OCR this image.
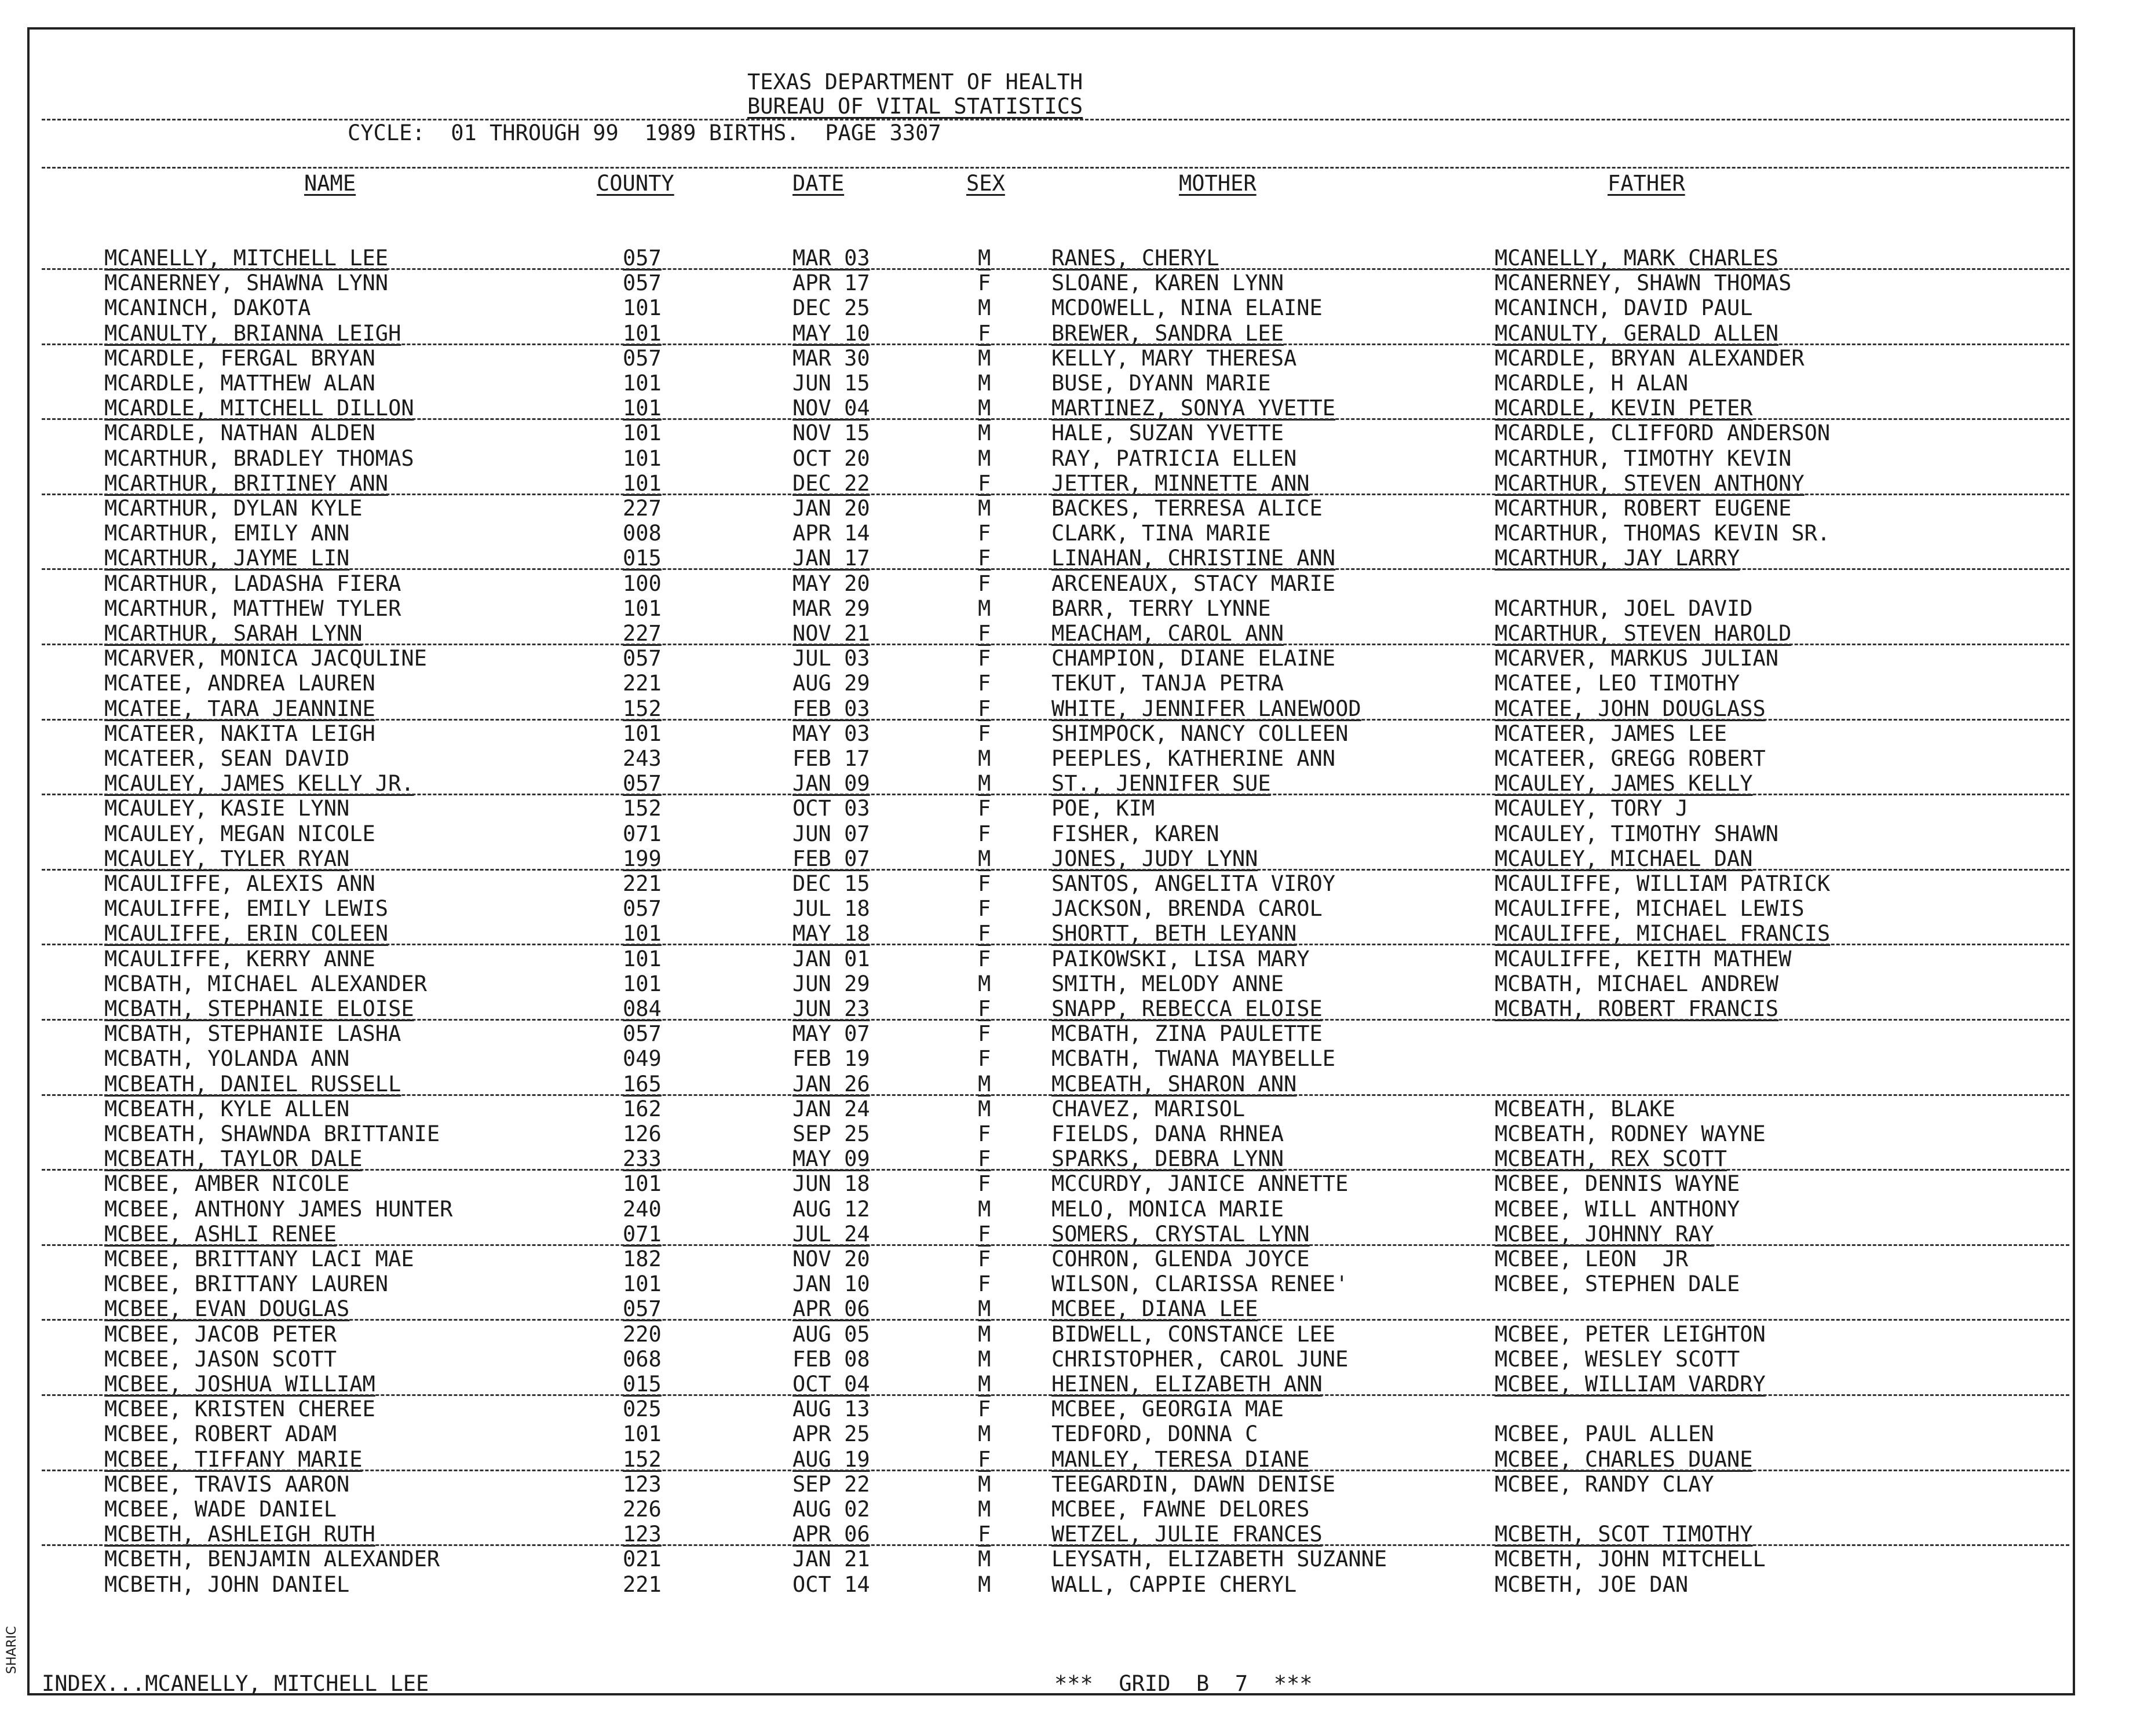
TEXAS DEPARTMENT OF HEALTH
BUREAU OF VITAL STATISTICS
CYCLE:  01 THROUGH 99  1989 BIRTHS.  PAGE 3307
NAME	COUNTY	DATE	SEX	MOTHER	FATHER
MCANELLY, MITCHELL LEE	057	MAR 03	M	RANES, CHERYL	MCANELLY, MARK CHARLES
MCANERNEY, SHAWNA LYNN	057	APR 17	F	SLOANE, KAREN LYNN	MCANERNEY, SHAWN THOMAS
MCANINCH, DAKOTA	101	DEC 25	M	MCDOWELL, NINA ELAINE	MCANINCH, DAVID PAUL
MCANULTY, BRIANNA LEIGH	101	MAY 10	F	BREWER, SANDRA LEE	MCANULTY, GERALD ALLEN
MCARDLE, FERGAL BRYAN	057	MAR 30	M	KELLY, MARY THERESA	MCARDLE, BRYAN ALEXANDER
MCARDLE, MATTHEW ALAN	101	JUN 15	M	BUSE, DYANN MARIE	MCARDLE, H ALAN
MCARDLE, MITCHELL DILLON	101	NOV 04	M	MARTINEZ, SONYA YVETTE	MCARDLE, KEVIN PETER
MCARDLE, NATHAN ALDEN	101	NOV 15	M	HALE, SUZAN YVETTE	MCARDLE, CLIFFORD ANDERSON
MCARTHUR, BRADLEY THOMAS	101	OCT 20	M	RAY, PATRICIA ELLEN	MCARTHUR, TIMOTHY KEVIN
MCARTHUR, BRITINEY ANN	101	DEC 22	F	JETTER, MINNETTE ANN	MCARTHUR, STEVEN ANTHONY
MCARTHUR, DYLAN KYLE	227	JAN 20	M	BACKES, TERRESA ALICE	MCARTHUR, ROBERT EUGENE
MCARTHUR, EMILY ANN	008	APR 14	F	CLARK, TINA MARIE	MCARTHUR, THOMAS KEVIN SR.
MCARTHUR, JAYME LIN	015	JAN 17	F	LINAHAN, CHRISTINE ANN	MCARTHUR, JAY LARRY
MCARTHUR, LADASHA FIERA	100	MAY 20	F	ARCENEAUX, STACY MARIE
MCARTHUR, MATTHEW TYLER	101	MAR 29	M	BARR, TERRY LYNNE	MCARTHUR, JOEL DAVID
MCARTHUR, SARAH LYNN	227	NOV 21	F	MEACHAM, CAROL ANN	MCARTHUR, STEVEN HAROLD
MCARVER, MONICA JACQULINE	057	JUL 03	F	CHAMPION, DIANE ELAINE	MCARVER, MARKUS JULIAN
MCATEE, ANDREA LAUREN	221	AUG 29	F	TEKUT, TANJA PETRA	MCATEE, LEO TIMOTHY
MCATEE, TARA JEANNINE	152	FEB 03	F	WHITE, JENNIFER LANEWOOD	MCATEE, JOHN DOUGLASS
MCATEER, NAKITA LEIGH	101	MAY 03	F	SHIMPOCK, NANCY COLLEEN	MCATEER, JAMES LEE
MCATEER, SEAN DAVID	243	FEB 17	M	PEEPLES, KATHERINE ANN	MCATEER, GREGG ROBERT
MCAULEY, JAMES KELLY JR.	057	JAN 09	M	ST., JENNIFER SUE	MCAULEY, JAMES KELLY
MCAULEY, KASIE LYNN	152	OCT 03	F	POE, KIM	MCAULEY, TORY J
MCAULEY, MEGAN NICOLE	071	JUN 07	F	FISHER, KAREN	MCAULEY, TIMOTHY SHAWN
MCAULEY, TYLER RYAN	199	FEB 07	M	JONES, JUDY LYNN	MCAULEY, MICHAEL DAN
MCAULIFFE, ALEXIS ANN	221	DEC 15	F	SANTOS, ANGELITA VIROY	MCAULIFFE, WILLIAM PATRICK
MCAULIFFE, EMILY LEWIS	057	JUL 18	F	JACKSON, BRENDA CAROL	MCAULIFFE, MICHAEL LEWIS
MCAULIFFE, ERIN COLEEN	101	MAY 18	F	SHORTT, BETH LEYANN	MCAULIFFE, MICHAEL FRANCIS
MCAULIFFE, KERRY ANNE	101	JAN 01	F	PAIKOWSKI, LISA MARY	MCAULIFFE, KEITH MATHEW
MCBATH, MICHAEL ALEXANDER	101	JUN 29	M	SMITH, MELODY ANNE	MCBATH, MICHAEL ANDREW
MCBATH, STEPHANIE ELOISE	084	JUN 23	F	SNAPP, REBECCA ELOISE	MCBATH, ROBERT FRANCIS
MCBATH, STEPHANIE LASHA	057	MAY 07	F	MCBATH, ZINA PAULETTE
MCBATH, YOLANDA ANN	049	FEB 19	F	MCBATH, TWANA MAYBELLE
MCBEATH, DANIEL RUSSELL	165	JAN 26	M	MCBEATH, SHARON ANN
MCBEATH, KYLE ALLEN	162	JAN 24	M	CHAVEZ, MARISOL	MCBEATH, BLAKE
MCBEATH, SHAWNDA BRITTANIE	126	SEP 25	F	FIELDS, DANA RHNEA	MCBEATH, RODNEY WAYNE
MCBEATH, TAYLOR DALE	233	MAY 09	F	SPARKS, DEBRA LYNN	MCBEATH, REX SCOTT
MCBEE, AMBER NICOLE	101	JUN 18	F	MCCURDY, JANICE ANNETTE	MCBEE, DENNIS WAYNE
MCBEE, ANTHONY JAMES HUNTER	240	AUG 12	M	MELO, MONICA MARIE	MCBEE, WILL ANTHONY
MCBEE, ASHLI RENEE	071	JUL 24	F	SOMERS, CRYSTAL LYNN	MCBEE, JOHNNY RAY
MCBEE, BRITTANY LACI MAE	182	NOV 20	F	COHRON, GLENDA JOYCE	MCBEE, LEON  JR
MCBEE, BRITTANY LAUREN	101	JAN 10	F	WILSON, CLARISSA RENEE'	MCBEE, STEPHEN DALE
MCBEE, EVAN DOUGLAS	057	APR 06	M	MCBEE, DIANA LEE
MCBEE, JACOB PETER	220	AUG 05	M	BIDWELL, CONSTANCE LEE	MCBEE, PETER LEIGHTON
MCBEE, JASON SCOTT	068	FEB 08	M	CHRISTOPHER, CAROL JUNE	MCBEE, WESLEY SCOTT
MCBEE, JOSHUA WILLIAM	015	OCT 04	M	HEINEN, ELIZABETH ANN	MCBEE, WILLIAM VARDRY
MCBEE, KRISTEN CHEREE	025	AUG 13	F	MCBEE, GEORGIA MAE
MCBEE, ROBERT ADAM	101	APR 25	M	TEDFORD, DONNA C	MCBEE, PAUL ALLEN
MCBEE, TIFFANY MARIE	152	AUG 19	F	MANLEY, TERESA DIANE	MCBEE, CHARLES DUANE
MCBEE, TRAVIS AARON	123	SEP 22	M	TEEGARDIN, DAWN DENISE	MCBEE, RANDY CLAY
MCBEE, WADE DANIEL	226	AUG 02	M	MCBEE, FAWNE DELORES
MCBETH, ASHLEIGH RUTH	123	APR 06	F	WETZEL, JULIE FRANCES	MCBETH, SCOT TIMOTHY
MCBETH, BENJAMIN ALEXANDER	021	JAN 21	M	LEYSATH, ELIZABETH SUZANNE	MCBETH, JOHN MITCHELL
MCBETH, JOHN DANIEL	221	OCT 14	M	WALL, CAPPIE CHERYL	MCBETH, JOE DAN
INDEX...MCANELLY, MITCHELL LEE	***  GRID  B  7  ***
SHARIC
